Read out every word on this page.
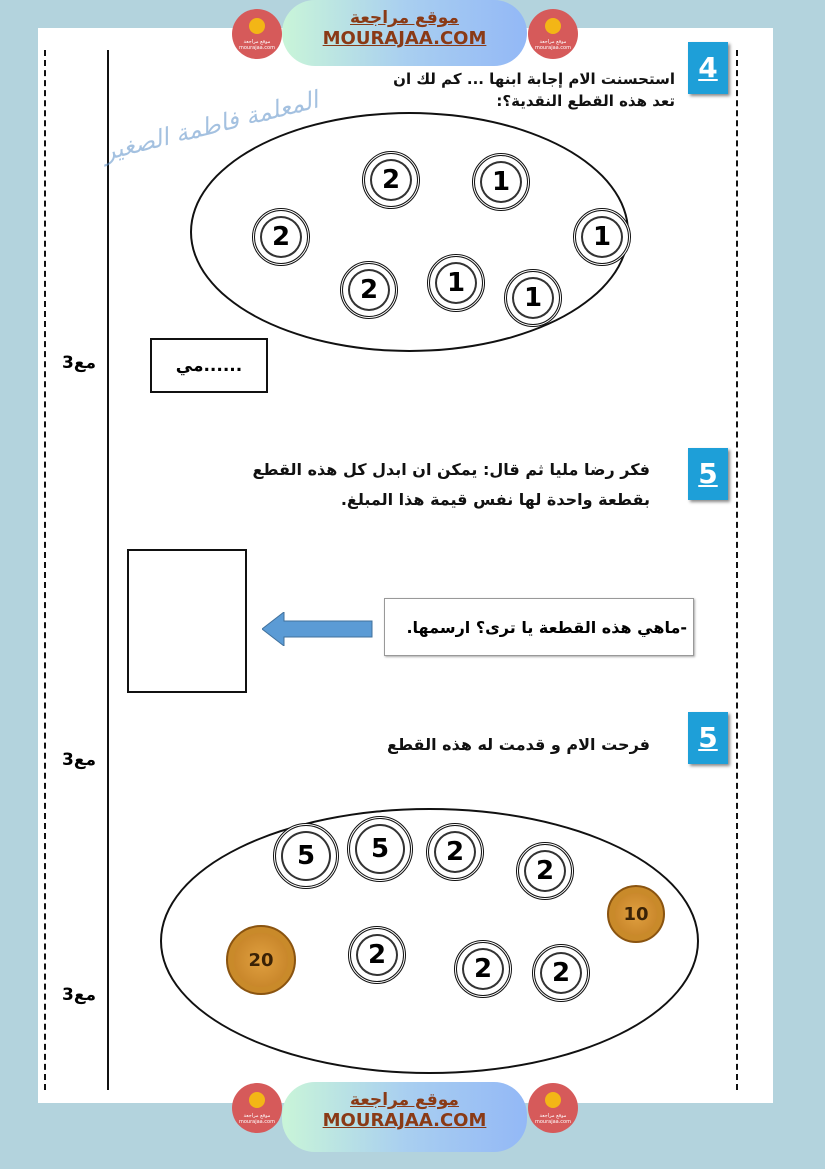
المعلمة فاطمة الصغير
4
استحسنت الام إجابة ابنها ... كم لك ان تعد هذه القطع النقدية؟:
2	1
1
2
2	1	1
......مي
مع3
5
فكر رضا مليا ثم قال: يمكن ان ابدل كل هذه القطع بقطعة واحدة لها نفس قيمة هذا المبلغ.
-ماهي هذه القطعة يا ترى؟ ارسمها.
مع3
5
فرحت الام و قدمت له هذه القطع
5	5	2
2
10
20	2	2	2
مع3
موقع مراجعة mourajaa.com
موقع مراجعة mourajaa.com
موقع مراجعة
MOURAJAA.COM
موقع مراجعة mourajaa.com
موقع مراجعة mourajaa.com
موقع مراجعة
MOURAJAA.COM
